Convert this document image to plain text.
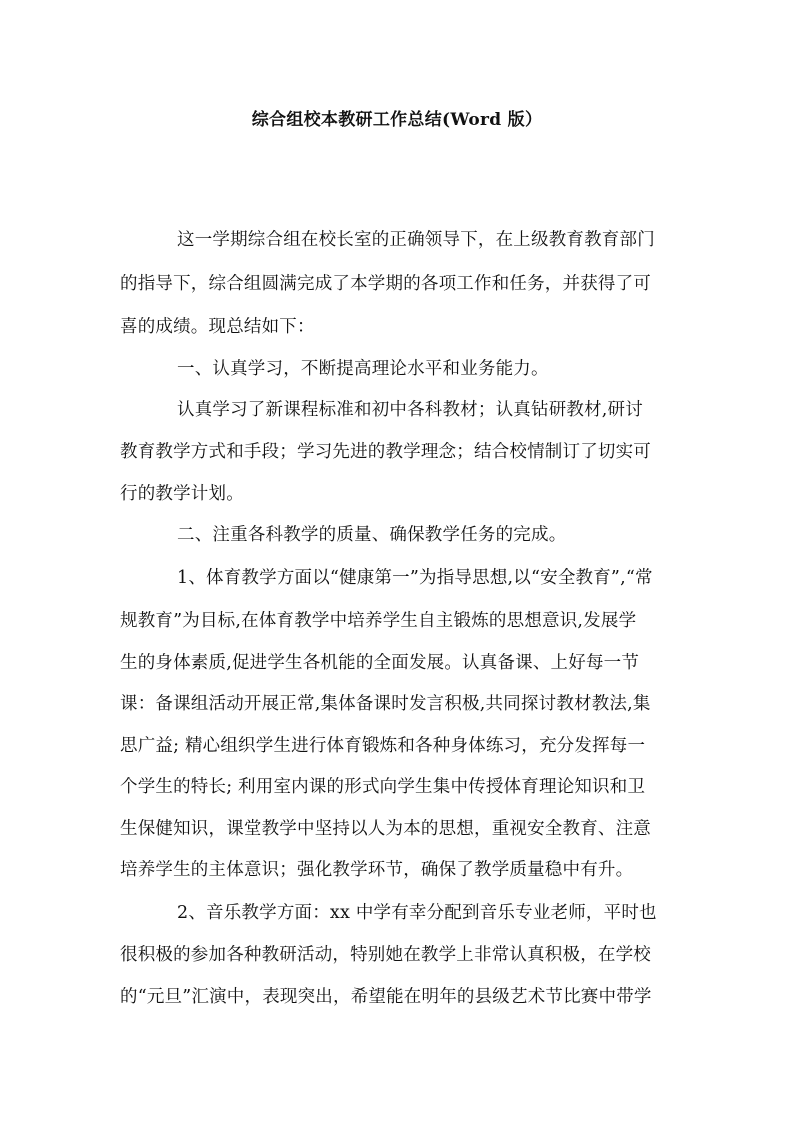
综合组校本教研工作总结(Word 版）
这一学期综合组在校长室的正确领导下，在上级教育教育部门
的指导下，综合组圆满完成了本学期的各项工作和任务，并获得了可
喜的成绩。现总结如下：
一、认真学习，不断提高理论水平和业务能力。
认真学习了新课程标准和初中各科教材；认真钻研教材,研讨
教育教学方式和手段；学习先进的教学理念；结合校情制订了切实可
行的教学计划。
二、注重各科教学的质量、确保教学任务的完成。
1、体育教学方面以“健康第一”为指导思想,以“安全教育”,“常
规教育”为目标,在体育教学中培养学生自主锻炼的思想意识,发展学
生的身体素质,促进学生各机能的全面发展。认真备课、上好每一节
课：备课组活动开展正常,集体备课时发言积极,共同探讨教材教法,集
思广益; 精心组织学生进行体育锻炼和各种身体练习，充分发挥每一
个学生的特长; 利用室内课的形式向学生集中传授体育理论知识和卫
生保健知识，课堂教学中坚持以人为本的思想，重视安全教育、注意
培养学生的主体意识；强化教学环节，确保了教学质量稳中有升。
2、音乐教学方面：xx 中学有幸分配到音乐专业老师，平时也
很积极的参加各种教研活动，特别她在教学上非常认真积极，在学校
的“元旦”汇演中，表现突出，希望能在明年的县级艺术节比赛中带学
